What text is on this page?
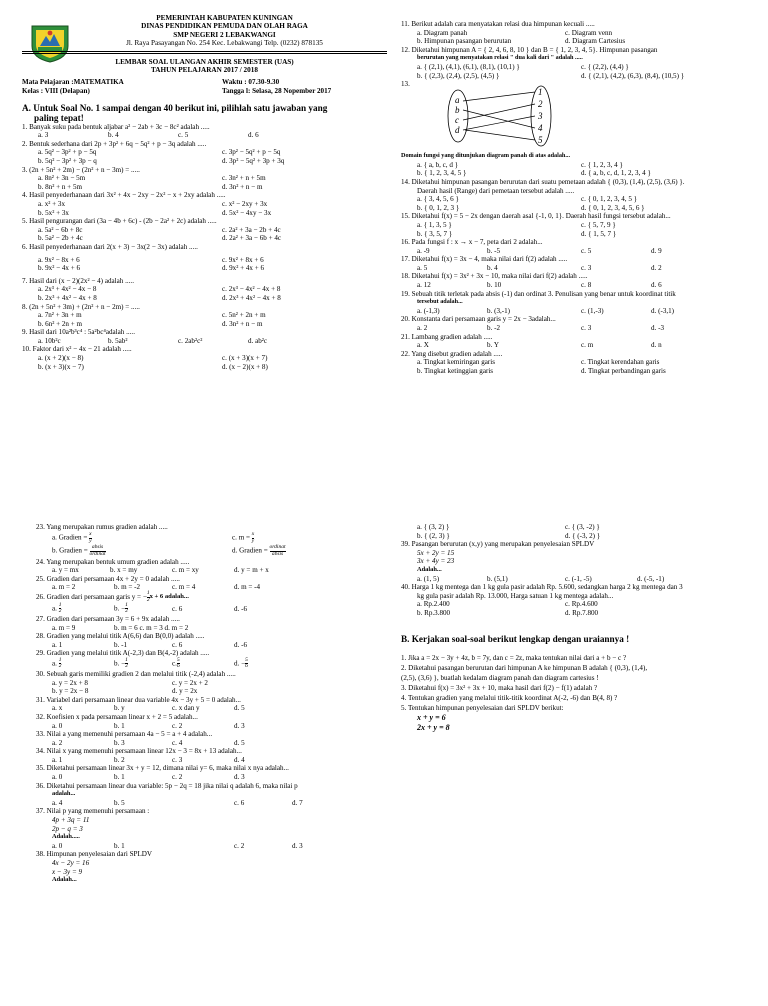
PEMERINTAH KABUPATEN KUNINGAN
DINAS PENDIDIKAN PEMUDA DAN OLAH RAGA
SMP NEGERI 2 LEBAKWANGI
Jl. Raya Pasayangan No. 254 Kec. Lebakwangi Telp. (0232) 878135
LEMBAR SOAL ULANGAN AKHIR SEMESTER (UAS)
TAHUN PELAJARAN 2017 / 2018
Mata Pelajaran :MATEMATIKA	Waktu : 07.30-9.30
Kelas : VIII (Delapan)	Tangga l: Selasa, 28 Nopember 2017
A. Untuk Soal No. 1 sampai dengan 40 berikut ini, pilihlah satu jawaban yang
paling tepat!
1. Banyak suku pada bentuk aljabar a² − 2ab + 3c − 8c² adalah .....
a. 3	b. 4	c. 5	d. 6
2. Bentuk sederhana dari 2p + 3p² + 6q − 5q² + p − 3q adalah .....
a. 5q² − 3p² + p − 5q	c. 3p² − 5q² + p − 5q
b. 5q² − 3p² + 3p − q	d. 3p² − 5q² + 3p + 3q
3. (2n + 5n² + 2m) − (2n² + n − 3m) = .....
a. 8n² + 3n − 5m	c. 3n² + n + 5m
b. 8n² + n + 5m	d. 3n² + n − m
4. Hasil penyederhanaan dari 3x² + 4x − 2xy − 2x² − x + 2xy adalah .....
a. x² + 3x	c. x² − 2xy + 3x
b. 5x² + 3x	d. 5x² − 4xy − 3x
5. Hasil pengurangan dari (3a − 4b + 6c) - (2b − 2a² + 2c) adalah .....
a. 5a² − 6b + 8c	c. 2a² + 3a − 2b + 4c
b. 5a² − 2b + 4c	d. 2a² + 3a − 6b + 4c
6. Hasil penyederhanaan dari 2(x + 3) − 3x(2 − 3x) adalah .....
a. 9x² − 8x + 6	c. 9x² + 8x + 6
b. 9x² − 4x + 6	d. 9x² + 4x + 6
7. Hasil dari (x − 2)(2x² − 4) adalah .....
a. 2x³ + 4x² − 4x − 8	c. 2x³ − 4x² − 4x + 8
b. 2x³ + 4x² − 4x + 8	d. 2x³ + 4x² − 4x + 8
8. (2n + 5n² + 3m) + (2n² + n − 2m) = .....
a. 7n² + 3n + m	c. 5n² + 2n + m
b. 6n² + 2n + m	d. 3n² + n − m
9. Hasil dari 10a²b³c⁴ : 5a²bc⁴adalah .....
a. 10b²c	b. 5ab²	c. 2ab²c²	d. ab²c
10. Faktor dari x² − 4x − 21 adalah .....
a. (x + 2)(x − 8)	c. (x + 3)(x + 7)
b. (x + 3)(x − 7)	d. (x − 2)(x + 8)
11. Berikut adalah cara menyatakan relasi dua himpunan kecuali .....
a. Diagram panah	c. Diagram venn
b. Himpunan pasangan berurutan	d. Diagram Cartesius
12. Diketahui himpunan A = { 2, 4, 6, 8, 10 } dan B = { 1, 2, 3, 4, 5}. Himpunan pasangan
berurutan yang menyatakan relasi " dua kali dari " adalah .....
a. { (2,1), (4,1), (6,1), (8,1), (10,1) }	c. { (2,2), (4,4) }
b. { (2,3), (2,4), (2,5), (4,5) }	d. { (2,1), (4,2), (6,3), (8,4), (10,5) }
13.
a
b
c
d
1
2
3
4
5
Domain fungsi yang ditunjukan diagram panah di atas adalah...
a. { a, b, c, d }	c. { 1, 2, 3, 4 }
b. { 1, 2, 3, 4, 5 }	d. { a, b, c, d, 1, 2, 3, 4 }
14. Diketahui himpunan pasangan berurutan dari suatu pemetaan adalah { (0,3), (1,4), (2,5), (3,6) }.
Daerah hasil (Range) dari pemetaan tersebut adalah .....
a. { 3, 4, 5, 6 }	c. { 0, 1, 2, 3, 4, 5 }
b. { 0, 1, 2, 3 }	d. { 0, 1, 2, 3, 4, 5, 6 }
15. Diketahui f(x) = 5 − 2x dengan daerah asal {-1, 0, 1}. Daerah hasil fungsi tersebut adalah...
a. { 1, 3, 5 }	c. { 5, 7, 9 }
b. { 3, 5, 7 }	d. { 1, 5, 7 }
16. Pada fungsi f : x → x − 7, peta dari 2 adalah...
a. -9	b. -5	c. 5	d. 9
17. Diketahui f(x) = 3x − 4, maka nilai dari f(2) adalah .....
a. 5	b. 4	c. 3	d. 2
18. Diketahui f(x) = 3x² + 3x − 10, maka nilai dari f(2) adalah .....
a. 12	b. 10	c. 8	d. 6
19. Sebuah titik terletak pada absis (-1) dan ordinat 3. Penulisan yang benar untuk koordinat titik
tersebut adalah...
a. (-1,3)	b. (3,-1)	c. (1,-3)	d. (-3,1)
20. Konstanta dari persamaan garis y = 2x − 3adalah...
a. 2	b. -2	c. 3	d. -3
21. Lambang gradien adalah .....
a. X	b. Y	c. m	d. n
22. Yang disebut gradien adalah .....
a. Tingkat kemiringan garis	c. Tingkat kerendahan garis
b. Tingkat ketinggian garis	d. Tingkat perbandingan garis
23. Yang merupakan rumus gradien adalah .....
a. Gradien = $\frac{x}{y}$	c. $m = \frac{x}{y}$
b. Gradien = $\frac{\text{absis}}{\text{ordinat}}$	d. Gradien = $\frac{\text{ordinat}}{\text{absis}}$
24. Yang merupakan bentuk umum gradien adalah .....
a. y = mx	b. x = my	c. m = xy	d. y = m + x
25. Gradien dari persamaan 4x + 2y = 0 adalah .....
a. m = 2	b. m = -2	c. m = 4	d. m = -4
26. Gradien dari persamaan garis y = − $\frac{1}{2}$ x + 6 adalah...
a. $\frac{1}{2}$	b. − $\frac{1}{2}$	c. 6	d. -6
27. Gradien dari persamaan 3y = 6 + 9x adalah .....
a. m = 9	b. m = 6 c. m = 3 d. m = 2
28. Gradien yang melalui titik A(6,6) dan B(0,0) adalah .....
a. 1	b. -1	c. 6	d. -6
29. Gradien yang melalui titik A(-2,3) dan B(4,-2) adalah .....
a. $\frac{1}{2}$	b. − $\frac{1}{2}$	c. $\frac{5}{6}$	d. − $\frac{5}{6}$
30. Sebuah garis memiliki gradien 2 dan melalui titik (-2,4) adalah .....
a. y = 2x + 8	c. y = 2x + 2
b. y = 2x − 8	d. y = 2x
31. Variabel dari persamaan linear dua variable 4x − 3y + 5 = 0 adalah...
a. x	b. y	c. x dan y	d. 5
32. Koefisien x pada persamaan linear x + 2 = 5 adalah...
a. 0	b. 1	c. 2	d. 3
33. Nilai a yang memenuhi persamaan 4a − 5 = a + 4 adalah...
a. 2	b. 3	c. 4	d. 5
34. Nilai x yang memenuhi persamaan linear 12x − 3 = 8x + 13 adalah...
a. 1	b. 2	c. 3	d. 4
35. Diketahui persamaan linear 3x + y = 12, dimana nilai y= 6, maka nilai x nya adalah...
a. 0	b. 1	c. 2	d. 3
36. Diketahui persamaan linear dua variable: 5p − 2q = 18 jika nilai q adalah 6, maka nilai p
adalah...
a. 4	b. 5	c. 6	d. 7
37. Nilai p yang memenuhi persamaan :
4p + 3q = 11
2p − q = 3
Adalah.....
a. 0	b. 1	c. 2	d. 3
38. Himpunan penyelesaian dari SPLDV
4x − 2y = 16
x − 3y = 9
Adalah...
a. { (3, 2) }	c. { (3, -2) }
b. { (2, 3) }	d. { (-3, 2) }
39. Pasangan berurutan (x,y) yang merupakan penyelesaian SPLDV
5x + 2y = 15
3x + 4y = 23
Adalah...
a. (1, 5)	b. (5,1)	c. (-1, -5)	d. (-5, -1)
40. Harga 1 kg mentega dan 1 kg gula pasir adalah Rp. 5.600, sedangkan harga 2 kg mentega dan 3
kg gula pasir adalah Rp. 13.000, Harga satuan 1 kg mentega adalah...
a. Rp.2.400	c. Rp.4.600
b. Rp.3.800	d. Rp.7.800
B. Kerjakan soal-soal berikut lengkap dengan uraiannya !
1. Jika a = 2x − 3y + 4z, b = 7y, dan c = 2z, maka tentukan nilai dari a + b − c ?
2. Diketahui pasangan berurutan dari himpunan A ke himpunan B adalah { (0,3), (1,4),
(2,5), (3,6) }, buatlah kedalam diagram panah dan diagram cartesius !
3. Diketahui f(x) = 3x² + 3x + 10, maka hasil dari f(2) − f(1) adalah ?
4. Tentukan gradien yang melalui titik-titik koordinat A(-2, -6) dan B(4, 8) ?
5. Tentukan himpunan penyelesaian dari SPLDV berikut:
x + y = 6
2x + y = 8
